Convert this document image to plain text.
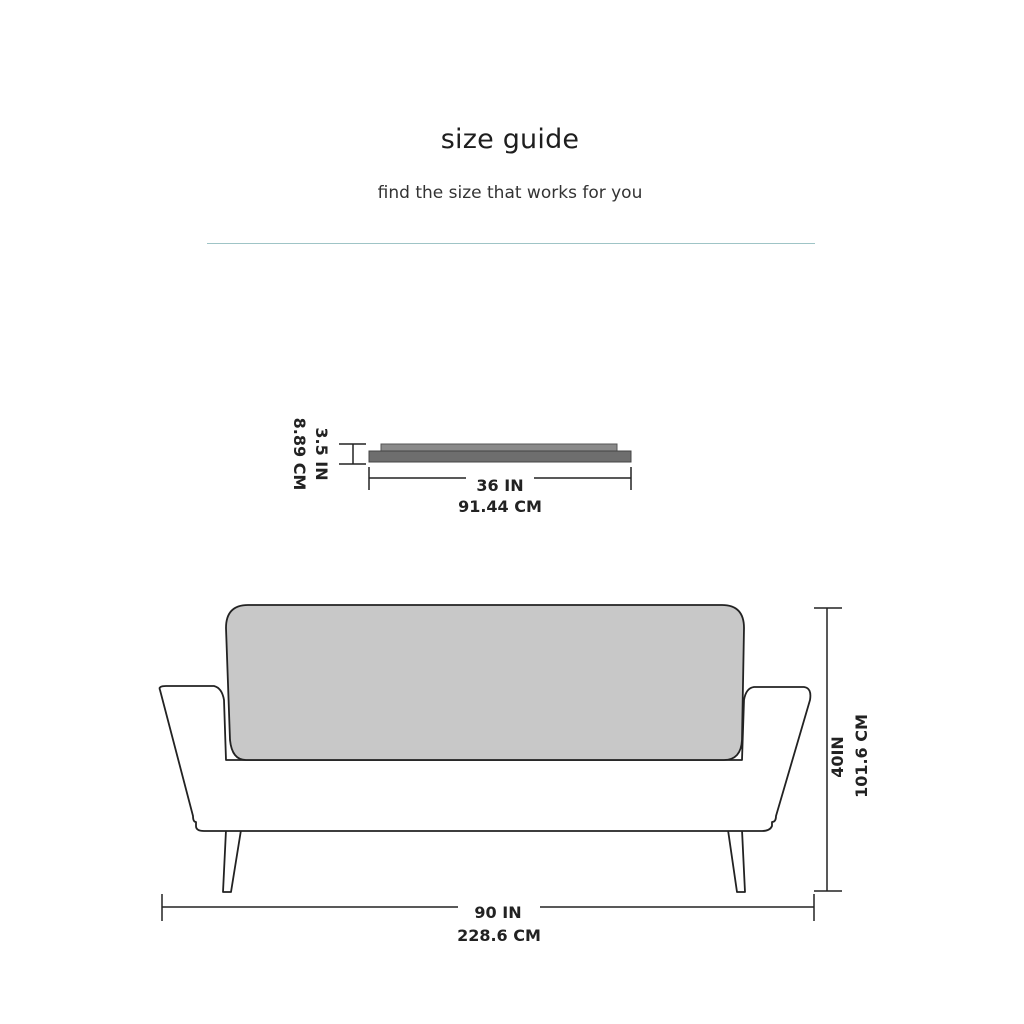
size guide
find the size that works for you
3.5 IN
8.89 CM	36 IN
91.44 CM
40IN 101.6 CM
90 IN
228.6 CM
